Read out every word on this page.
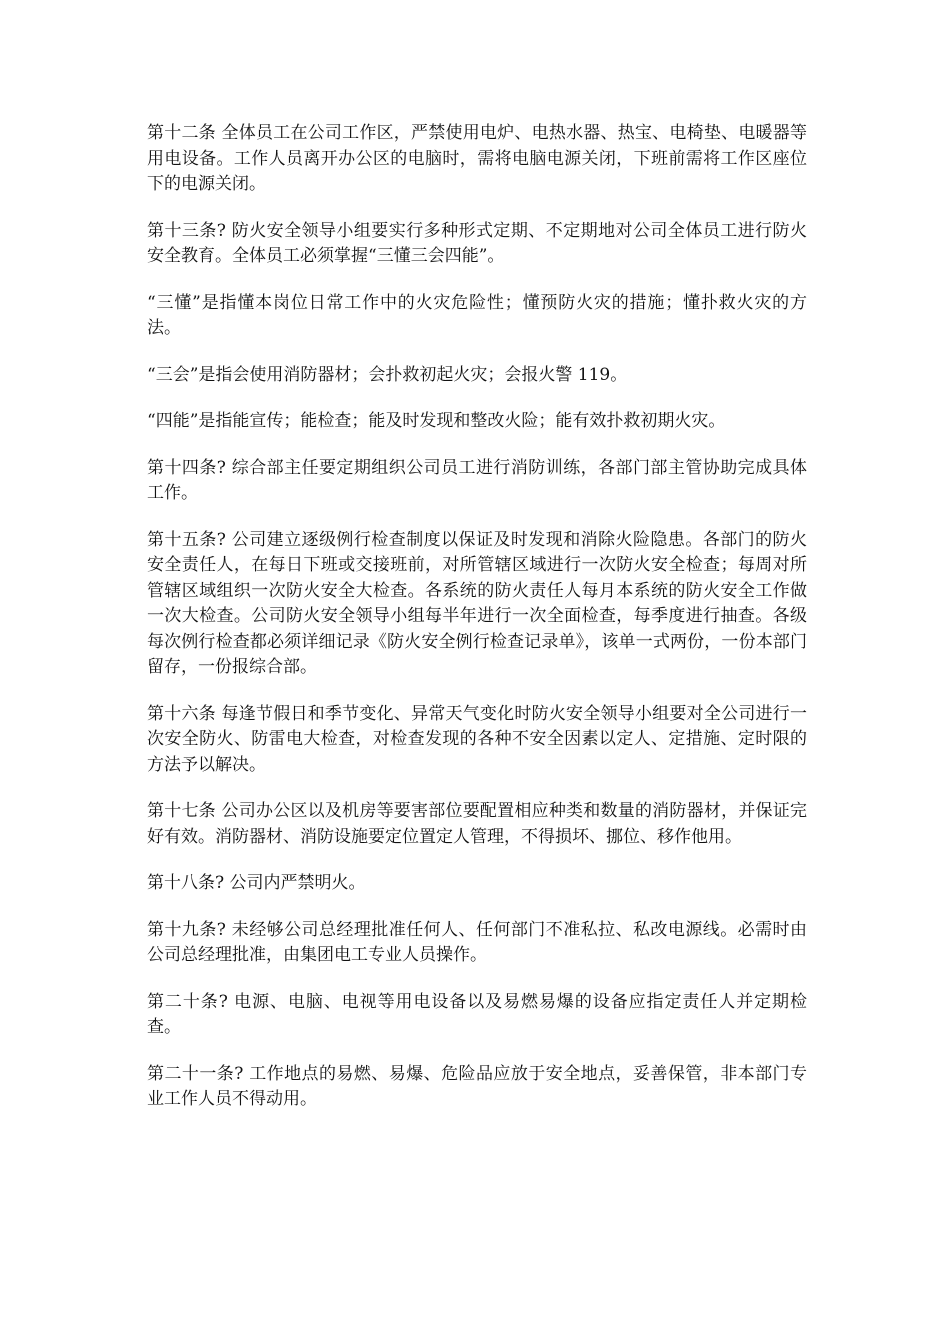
第十二条 全体员工在公司工作区，严禁使用电炉、电热水器、热宝、电椅垫、电暖器等用电设备。工作人员离开办公区的电脑时，需将电脑电源关闭，下班前需将工作区座位下的电源关闭。

第十三条? 防火安全领导小组要实行多种形式定期、不定期地对公司全体员工进行防火安全教育。全体员工必须掌握“三懂三会四能”。

“三懂”是指懂本岗位日常工作中的火灾危险性；懂预防火灾的措施；懂扑救火灾的方法。

“三会”是指会使用消防器材；会扑救初起火灾；会报火警 119。

“四能”是指能宣传；能检查；能及时发现和整改火险；能有效扑救初期火灾。

第十四条? 综合部主任要定期组织公司员工进行消防训练，各部门部主管协助完成具体工作。

第十五条? 公司建立逐级例行检查制度以保证及时发现和消除火险隐患。各部门的防火安全责任人，在每日下班或交接班前，对所管辖区域进行一次防火安全检查；每周对所管辖区域组织一次防火安全大检查。各系统的防火责任人每月本系统的防火安全工作做一次大检查。公司防火安全领导小组每半年进行一次全面检查，每季度进行抽查。各级每次例行检查都必须详细记录《防火安全例行检查记录单》，该单一式两份，一份本部门留存，一份报综合部。

第十六条 每逢节假日和季节变化、异常天气变化时防火安全领导小组要对全公司进行一次安全防火、防雷电大检查，对检查发现的各种不安全因素以定人、定措施、定时限的方法予以解决。

第十七条 公司办公区以及机房等要害部位要配置相应种类和数量的消防器材，并保证完好有效。消防器材、消防设施要定位置定人管理，不得损坏、挪位、移作他用。

第十八条? 公司内严禁明火。

第十九条? 未经够公司总经理批准任何人、任何部门不准私拉、私改电源线。必需时由公司总经理批准，由集团电工专业人员操作。

第二十条? 电源、电脑、电视等用电设备以及易燃易爆的设备应指定责任人并定期检查。

第二十一条? 工作地点的易燃、易爆、危险品应放于安全地点，妥善保管，非本部门专业工作人员不得动用。
